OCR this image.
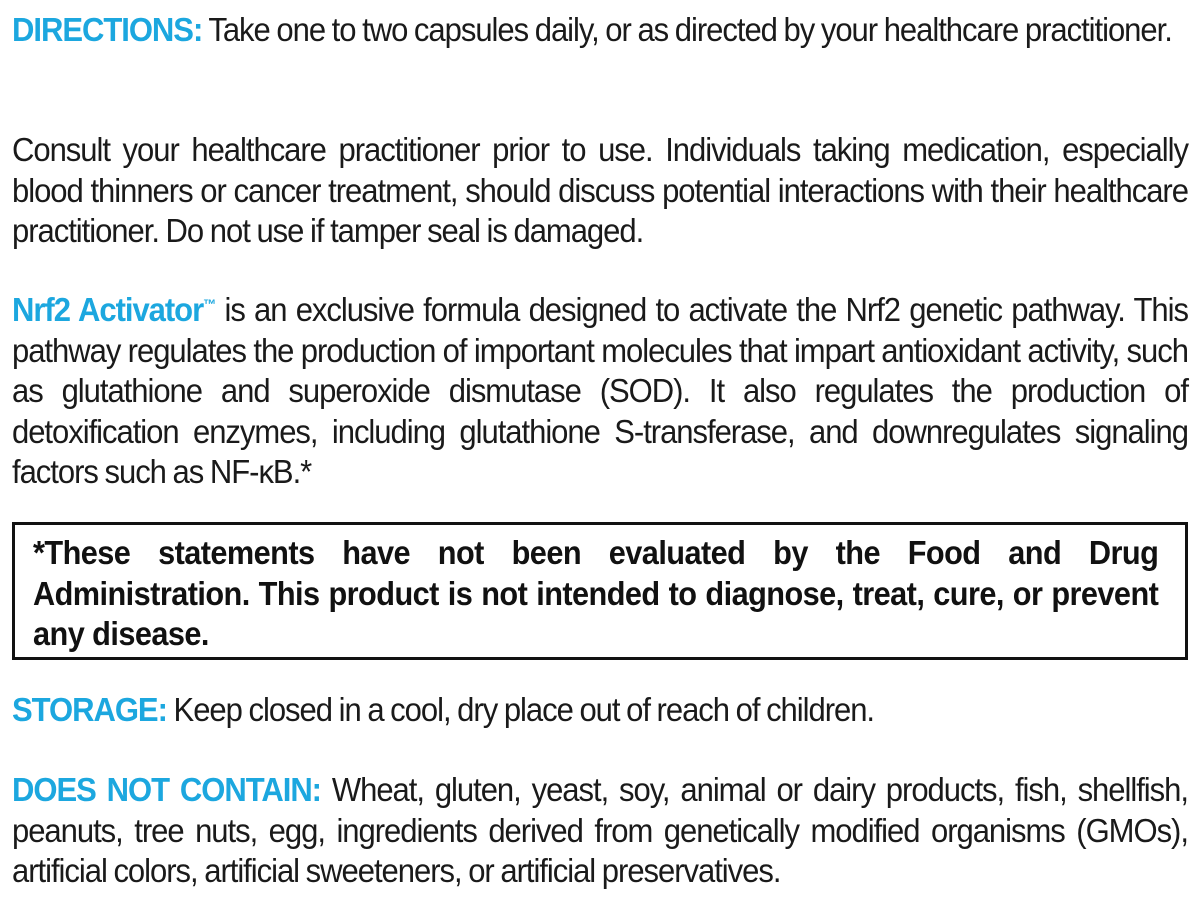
DIRECTIONS: Take one to two capsules daily, or as directed by your healthcare practitioner.

Consult your healthcare practitioner prior to use. Individuals taking medication, especially blood thinners or cancer treatment, should discuss potential interactions with their healthcare practitioner. Do not use if tamper seal is damaged.

Nrf2 Activator™ is an exclusive formula designed to activate the Nrf2 genetic pathway. This pathway regulates the production of important molecules that impart antioxidant activity, such as glutathione and superoxide dismutase (SOD). It also regulates the production of detoxification enzymes, including glutathione S-transferase, and downregulates signaling factors such as NF-κB.*

*These statements have not been evaluated by the Food and Drug Administration. This product is not intended to diagnose, treat, cure, or prevent any disease.

STORAGE: Keep closed in a cool, dry place out of reach of children.

DOES NOT CONTAIN: Wheat, gluten, yeast, soy, animal or dairy products, fish, shellfish, peanuts, tree nuts, egg, ingredients derived from genetically modified organisms (GMOs), artificial colors, artificial sweeteners, or artificial preservatives.
